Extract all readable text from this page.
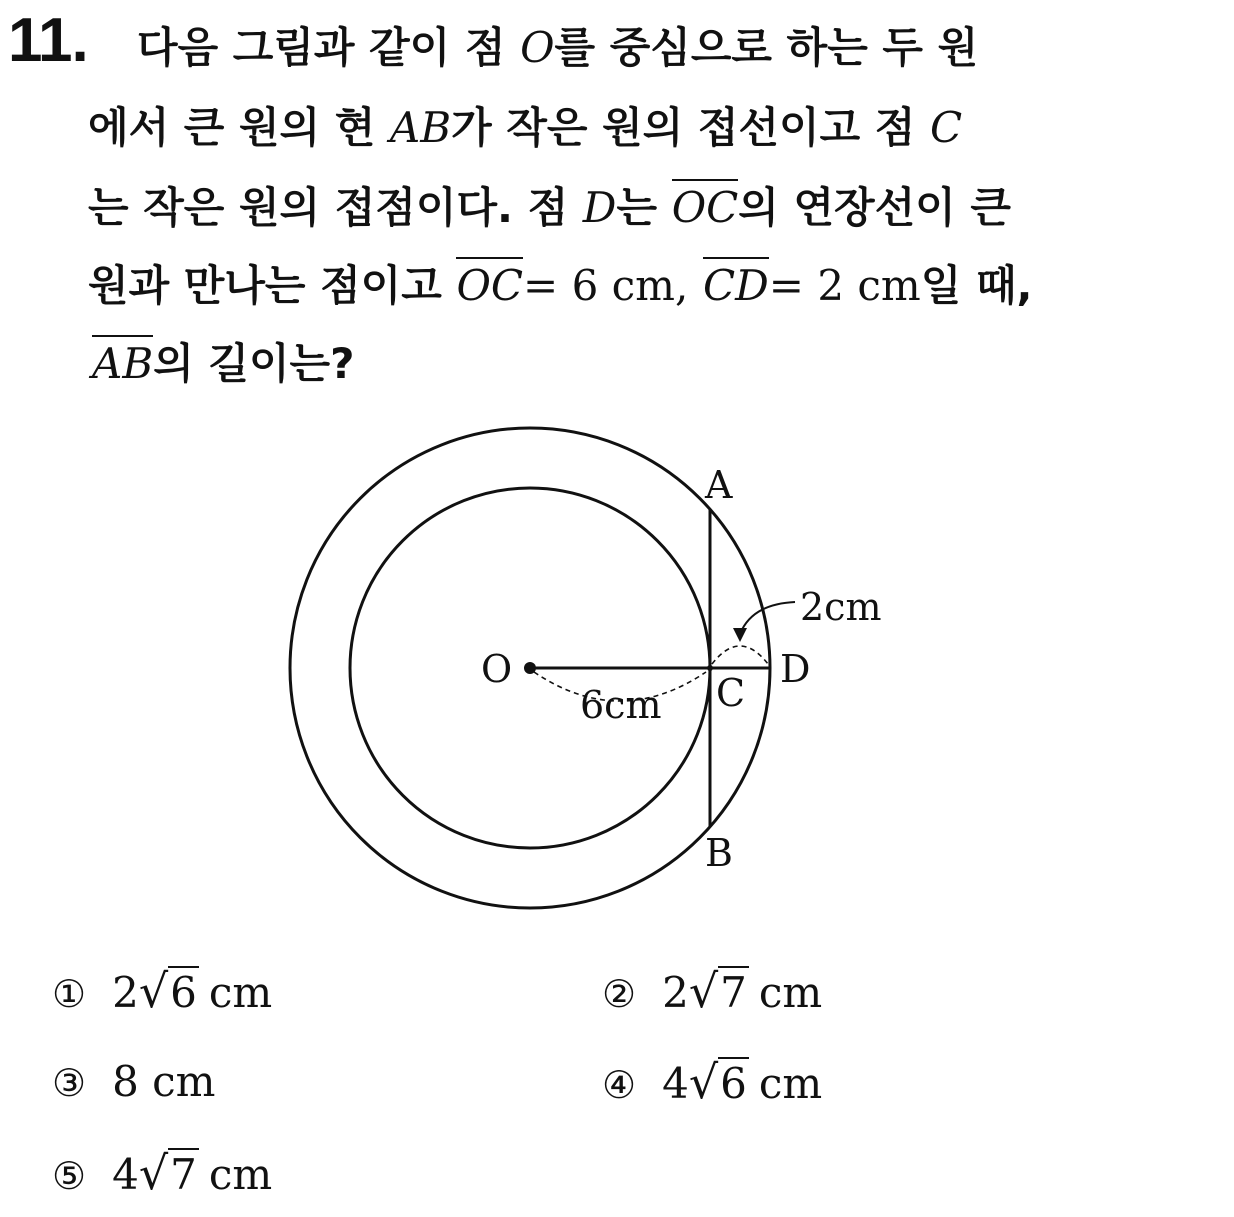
11. 다음 그림과 같이 점 O를 중심으로 하는 두 원
에서 큰 원의 현 AB가 작은 원의 접선이고 점 C
는 작은 원의 접점이다. 점 D는 OC의 연장선이 큰
원과 만나는 점이고 OC= 6 cm, CD= 2 cm일 때,
AB의 길이는?
A
B
C
D
O
6cm
2cm
① 2√6 cm	② 2√7 cm
③ 8 cm	④ 4√6 cm
⑤ 4√7 cm
